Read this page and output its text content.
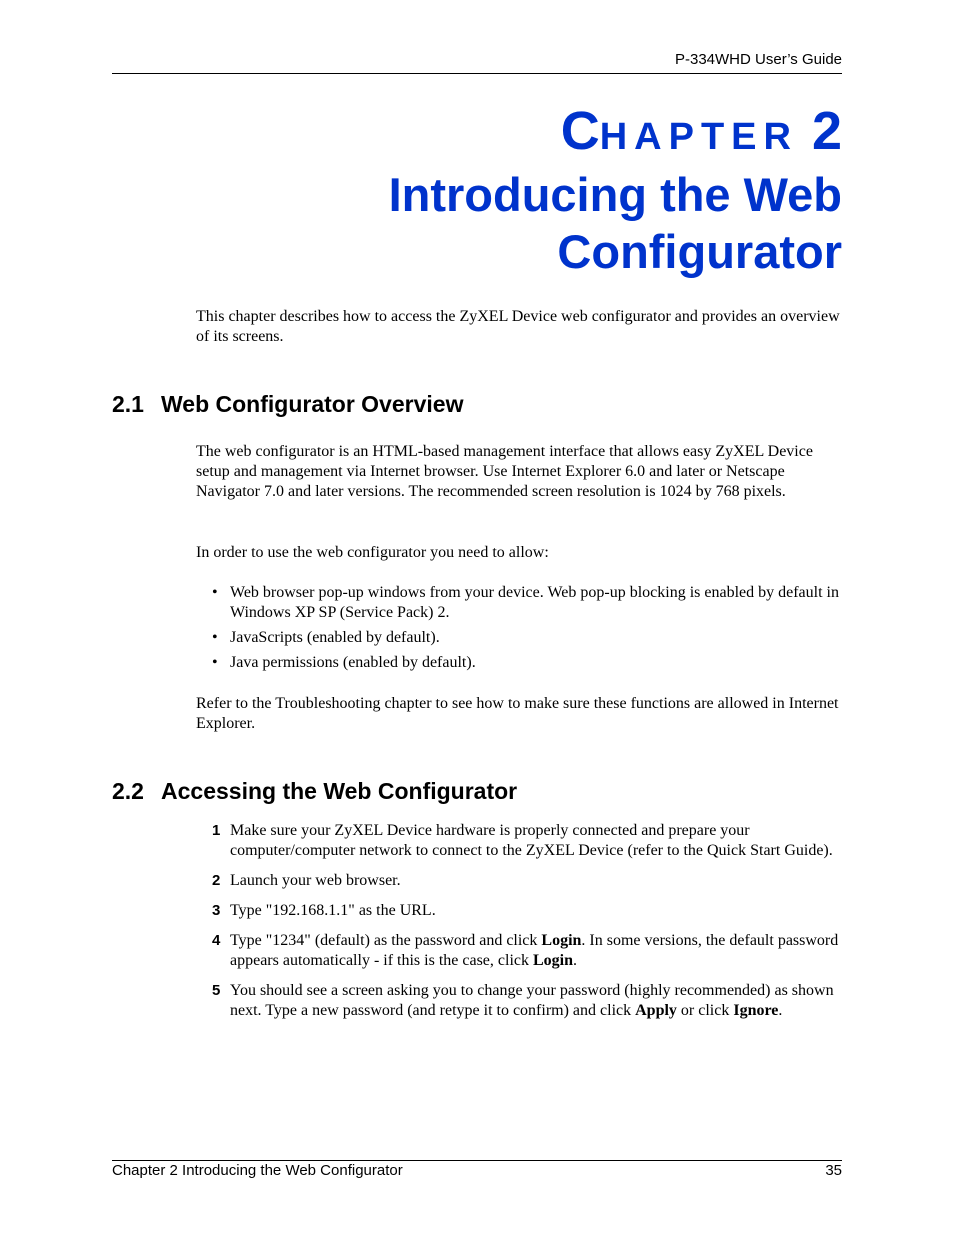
P-334WHD User’s Guide
CHAPTER 2
Introducing the Web
Configurator
This chapter describes how to access the ZyXEL Device web configurator and provides an overview of its screens.
2.1 Web Configurator Overview
The web configurator is an HTML-based management interface that allows easy ZyXEL Device setup and management via Internet browser. Use Internet Explorer 6.0 and later or Netscape Navigator 7.0 and later versions. The recommended screen resolution is 1024 by 768 pixels.
In order to use the web configurator you need to allow:
• Web browser pop-up windows from your device. Web pop-up blocking is enabled by default in Windows XP SP (Service Pack) 2.
• JavaScripts (enabled by default).
• Java permissions (enabled by default).
Refer to the Troubleshooting chapter to see how to make sure these functions are allowed in Internet Explorer.
2.2 Accessing the Web Configurator
1 Make sure your ZyXEL Device hardware is properly connected and prepare your computer/computer network to connect to the ZyXEL Device (refer to the Quick Start Guide).
2 Launch your web browser.
3 Type "192.168.1.1" as the URL.
4 Type "1234" (default) as the password and click Login. In some versions, the default password appears automatically - if this is the case, click Login.
5 You should see a screen asking you to change your password (highly recommended) as shown next. Type a new password (and retype it to confirm) and click Apply or click Ignore.
Chapter 2 Introducing the Web Configurator	35
